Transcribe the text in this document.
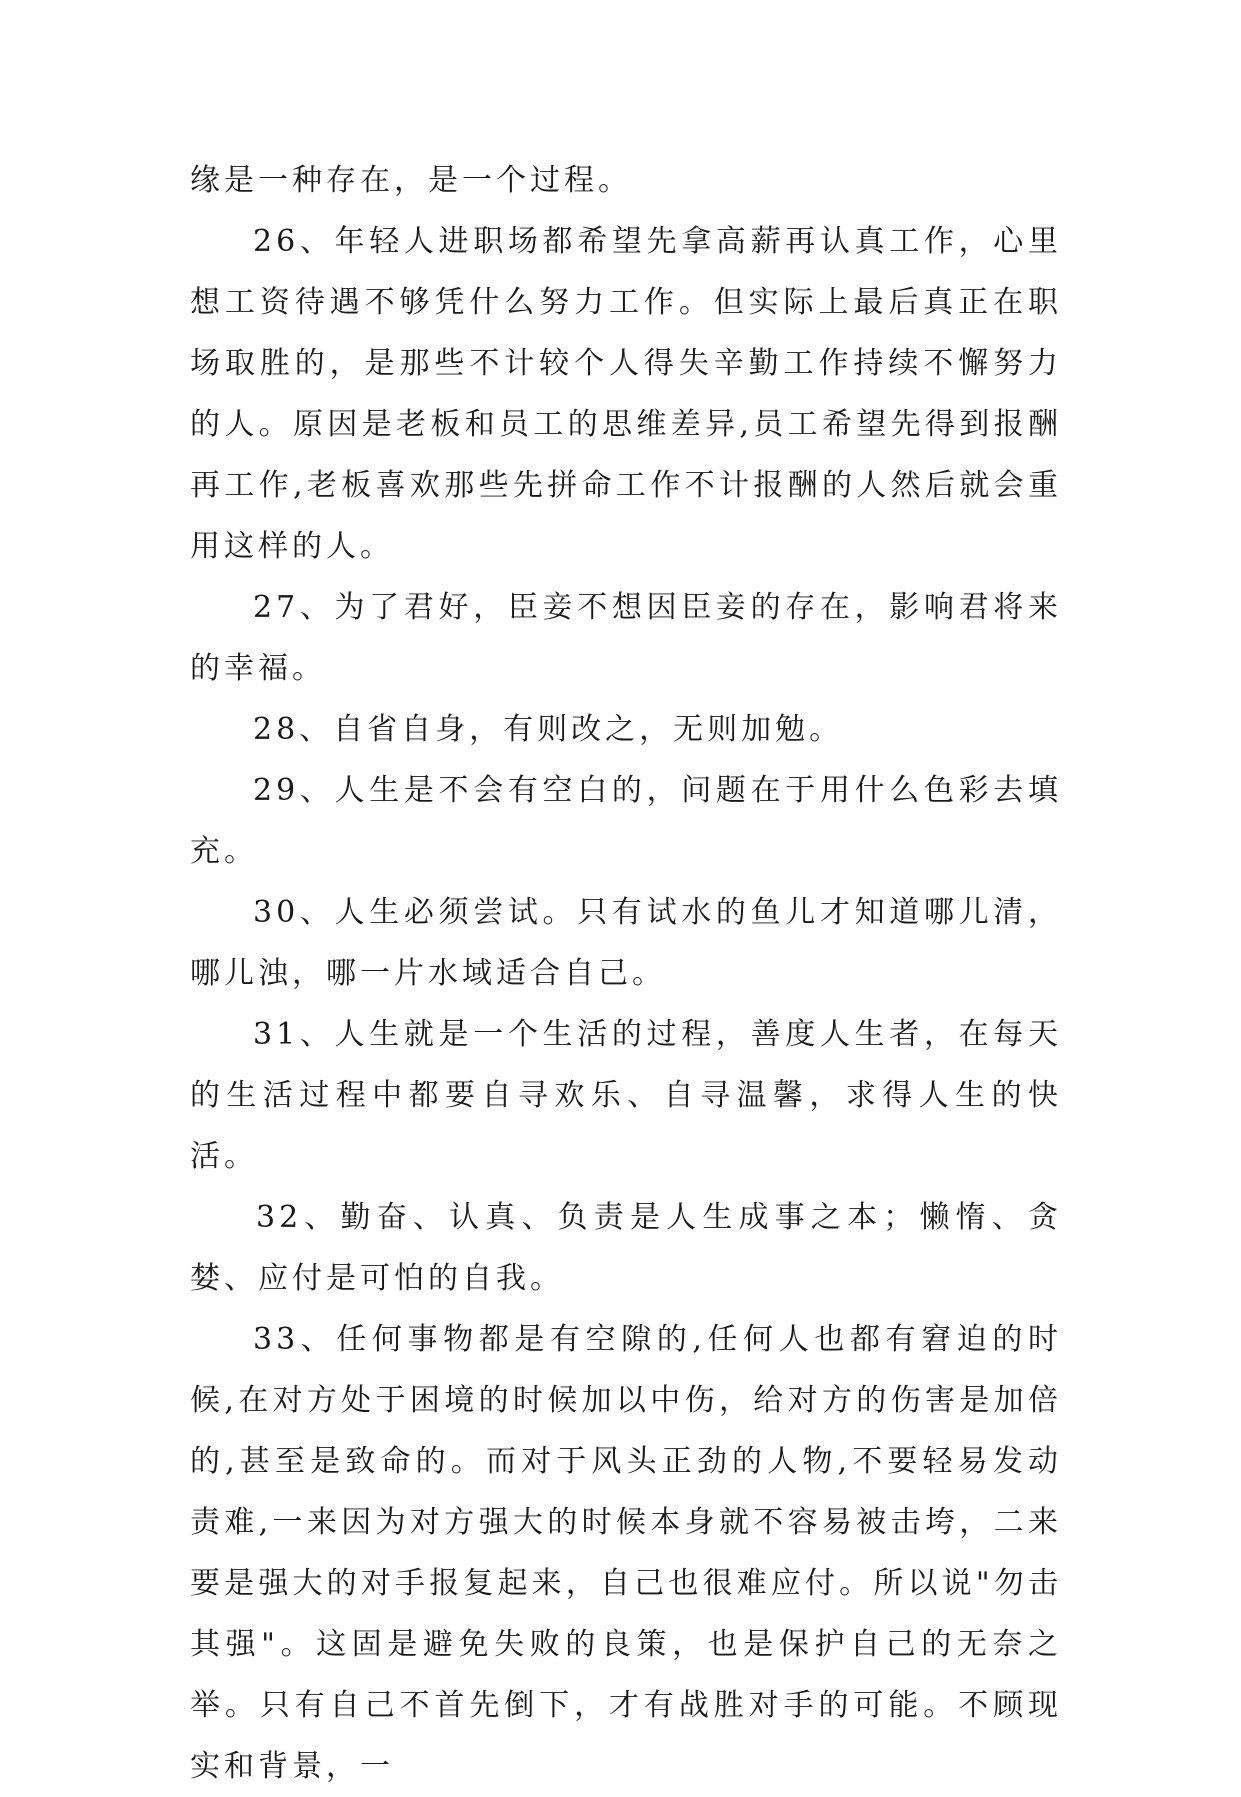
缘是一种存在，是一个过程。

26、年轻人进职场都希望先拿高薪再认真工作，心里想工资待遇不够凭什么努力工作。但实际上最后真正在职场取胜的，是那些不计较个人得失辛勤工作持续不懈努力的人。原因是老板和员工的思维差异,员工希望先得到报酬再工作,老板喜欢那些先拼命工作不计报酬的人然后就会重用这样的人。

27、为了君好，臣妾不想因臣妾的存在，影响君将来的幸福。

28、自省自身，有则改之，无则加勉。

29、人生是不会有空白的，问题在于用什么色彩去填充。

30、人生必须尝试。只有试水的鱼儿才知道哪儿清，哪儿浊，哪一片水域适合自己。

31、人生就是一个生活的过程，善度人生者，在每天的生活过程中都要自寻欢乐、自寻温馨，求得人生的快活。

32、勤奋、认真、负责是人生成事之本；懒惰、贪婪、应付是可怕的自我。

33、任何事物都是有空隙的,任何人也都有窘迫的时候,在对方处于困境的时候加以中伤，给对方的伤害是加倍的,甚至是致命的。而对于风头正劲的人物,不要轻易发动责难,一来因为对方强大的时候本身就不容易被击垮，二来要是强大的对手报复起来，自己也很难应付。所以说"勿击其强"。这固是避免失败的良策，也是保护自己的无奈之举。只有自己不首先倒下，才有战胜对手的可能。不顾现实和背景，一
